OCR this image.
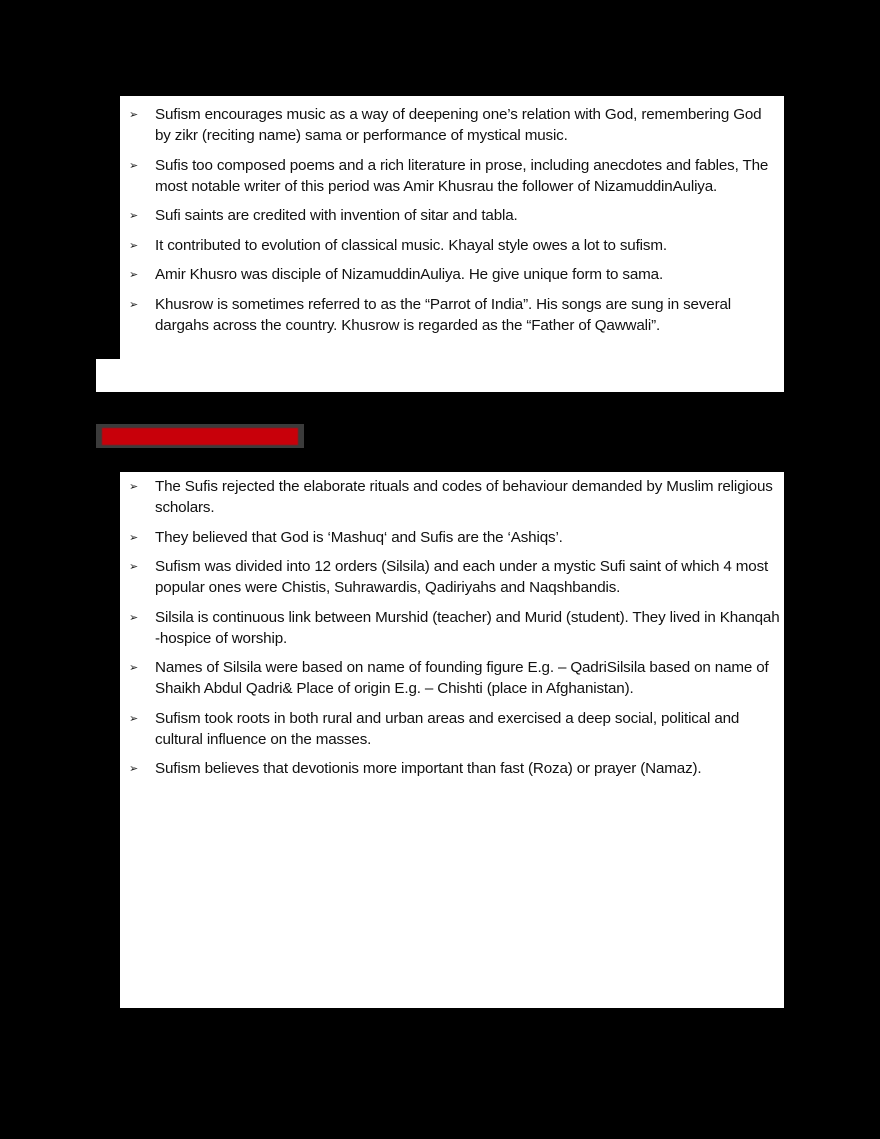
➢ Sufism encourages music as a way of deepening one’s relation with God, remembering God by zikr (reciting name) sama or performance of mystical music.
➢ Sufis too composed poems and a rich literature in prose, including anecdotes and fables, The most notable writer of this period was Amir Khusrau the follower of NizamuddinAuliya.
➢ Sufi saints are credited with invention of sitar and tabla.
➢ It contributed to evolution of classical music. Khayal style owes a lot to sufism.
➢ Amir Khusro was disciple of NizamuddinAuliya. He give unique form to sama.
➢ Khusrow is sometimes referred to as the “Parrot of India”. His songs are sung in several dargahs across the country. Khusrow is regarded as the “Father of Qawwali”.
➢ The Sufis rejected the elaborate rituals and codes of behaviour demanded by Muslim religious scholars.
➢ They believed that God is ‘Mashuq‘ and Sufis are the ‘Ashiqs’.
➢ Sufism was divided into 12 orders (Silsila) and each under a mystic Sufi saint of which 4 most popular ones were Chistis, Suhrawardis, Qadiriyahs and Naqshbandis.
➢ Silsila is continuous link between Murshid (teacher) and Murid (student). They lived in Khanqah -hospice of worship.
➢ Names of Silsila were based on name of founding figure E.g. – QadriSilsila based on name of Shaikh Abdul Qadri& Place of origin E.g. – Chishti (place in Afghanistan).
➢ Sufism took roots in both rural and urban areas and exercised a deep social, political and cultural influence on the masses.
➢ Sufism believes that devotionis more important than fast (Roza) or prayer (Namaz).
